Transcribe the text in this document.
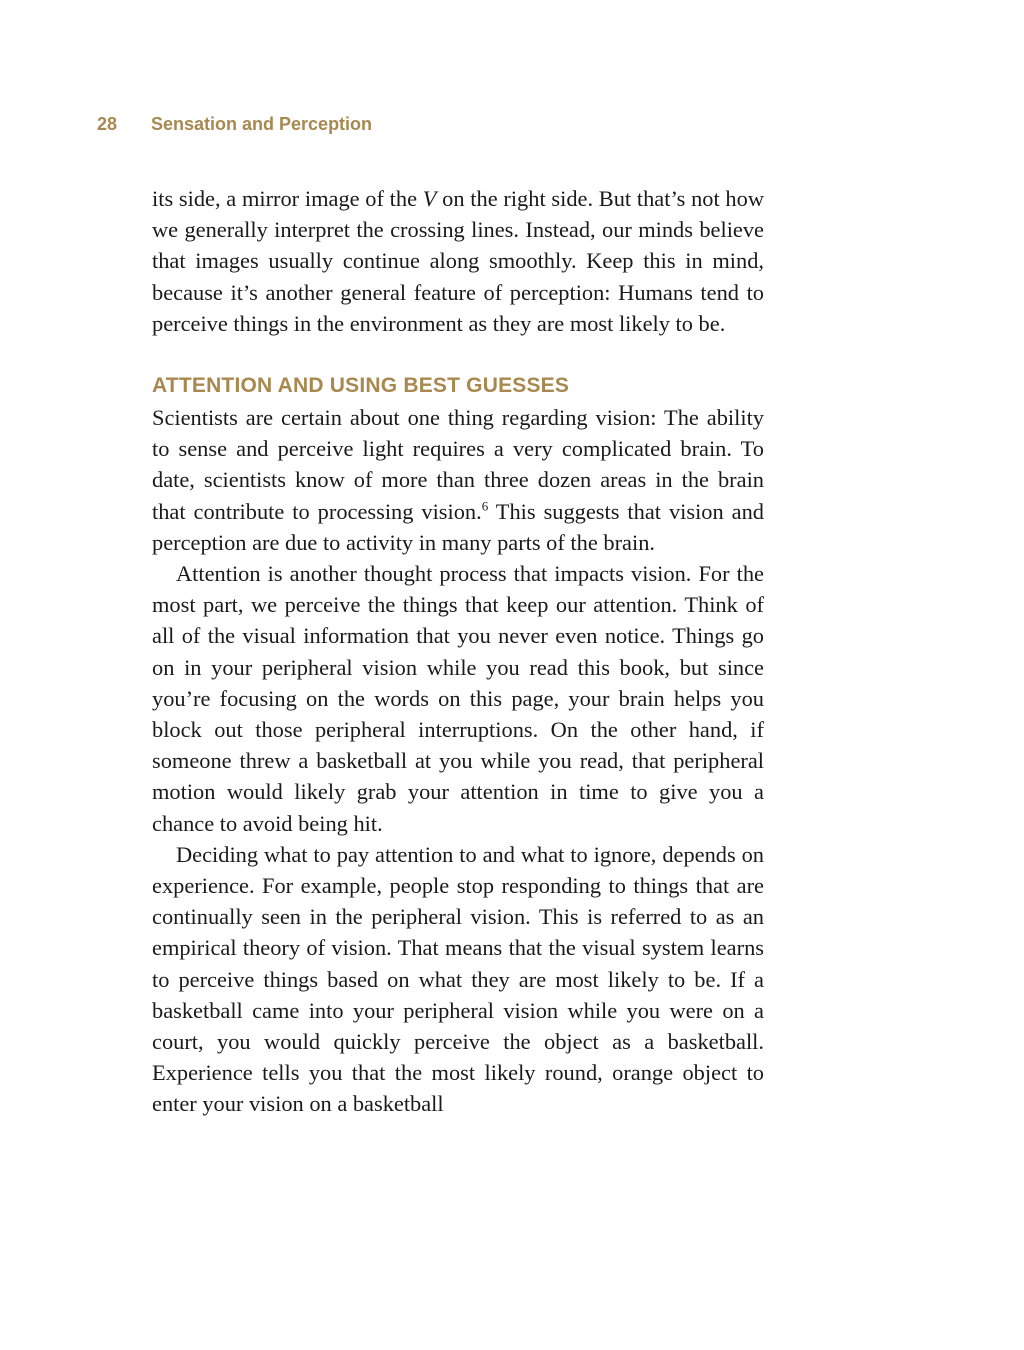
28 Sensation and Perception

its side, a mirror image of the V on the right side. But that’s not how we generally interpret the crossing lines. Instead, our minds believe that images usually continue along smoothly. Keep this in mind, because it’s another general feature of perception: Humans tend to perceive things in the environment as they are most likely to be.

ATTENTION AND USING BEST GUESSES

Scientists are certain about one thing regarding vision: The ability to sense and perceive light requires a very complicated brain. To date, scientists know of more than three dozen areas in the brain that contribute to processing vision.$^6$ This suggests that vision and perception are due to activity in many parts of the brain.

Attention is another thought process that impacts vision. For the most part, we perceive the things that keep our attention. Think of all of the visual information that you never even notice. Things go on in your peripheral vision while you read this book, but since you’re focusing on the words on this page, your brain helps you block out those peripheral interruptions. On the other hand, if someone threw a basketball at you while you read, that peripheral motion would likely grab your attention in time to give you a chance to avoid being hit.

Deciding what to pay attention to and what to ignore, depends on experience. For example, people stop responding to things that are continually seen in the peripheral vision. This is referred to as an empirical theory of vision. That means that the visual system learns to perceive things based on what they are most likely to be. If a basketball came into your peripheral vision while you were on a court, you would quickly perceive the object as a basketball. Experience tells you that the most likely round, orange object to enter your vision on a basketball
